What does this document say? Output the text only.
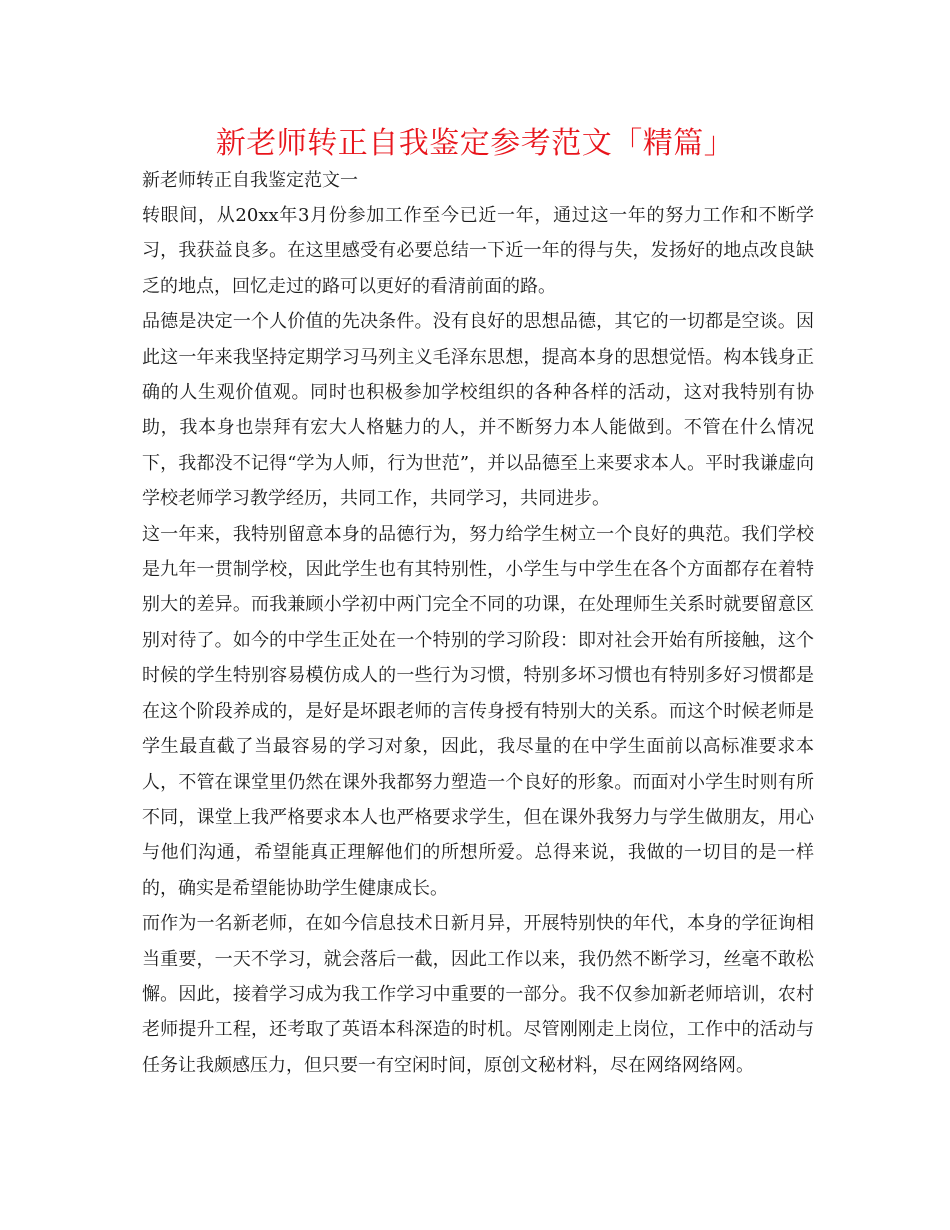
新老师转正自我鉴定参考范文「精篇」

新老师转正自我鉴定范文一

转眼间，从20xx年3月份参加工作至今已近一年，通过这一年的努力工作和不断学习，我获益良多。在这里感受有必要总结一下近一年的得与失，发扬好的地点改良缺乏的地点，回忆走过的路可以更好的看清前面的路。

品德是决定一个人价值的先决条件。没有良好的思想品德，其它的一切都是空谈。因此这一年来我坚持定期学习马列主义毛泽东思想，提高本身的思想觉悟。构本钱身正确的人生观价值观。同时也积极参加学校组织的各种各样的活动，这对我特别有协助，我本身也崇拜有宏大人格魅力的人，并不断努力本人能做到。不管在什么情况下，我都没不记得“学为人师，行为世范”，并以品德至上来要求本人。平时我谦虚向学校老师学习教学经历，共同工作，共同学习，共同进步。

这一年来，我特别留意本身的品德行为，努力给学生树立一个良好的典范。我们学校是九年一贯制学校，因此学生也有其特别性，小学生与中学生在各个方面都存在着特别大的差异。而我兼顾小学初中两门完全不同的功课，在处理师生关系时就要留意区别对待了。如今的中学生正处在一个特别的学习阶段：即对社会开始有所接触，这个时候的学生特别容易模仿成人的一些行为习惯，特别多坏习惯也有特别多好习惯都是在这个阶段养成的，是好是坏跟老师的言传身授有特别大的关系。而这个时候老师是学生最直截了当最容易的学习对象，因此，我尽量的在中学生面前以高标准要求本人，不管在课堂里仍然在课外我都努力塑造一个良好的形象。而面对小学生时则有所不同，课堂上我严格要求本人也严格要求学生，但在课外我努力与学生做朋友，用心与他们沟通，希望能真正理解他们的所想所爱。总得来说，我做的一切目的是一样的，确实是希望能协助学生健康成长。

而作为一名新老师，在如今信息技术日新月异，开展特别快的年代，本身的学征询相当重要，一天不学习，就会落后一截，因此工作以来，我仍然不断学习，丝毫不敢松懈。因此，接着学习成为我工作学习中重要的一部分。我不仅参加新老师培训，农村老师提升工程，还考取了英语本科深造的时机。尽管刚刚走上岗位，工作中的活动与任务让我颇感压力，但只要一有空闲时间，原创文秘材料，尽在网络网络网。
